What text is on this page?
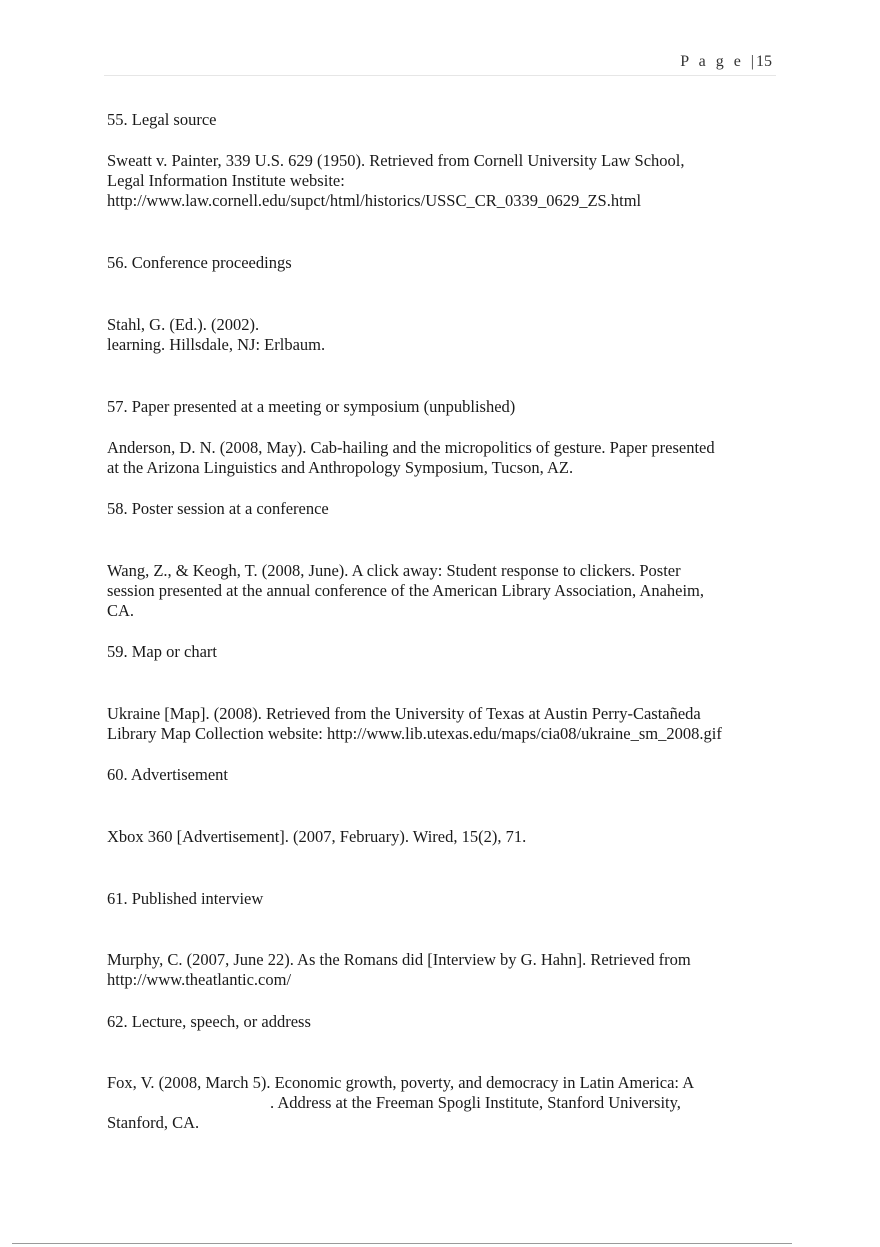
P a g e | 15

55. Legal source

Sweatt v. Painter, 339 U.S. 629 (1950). Retrieved from Cornell University Law School,

Legal Information Institute website:

http://www.law.cornell.edu/supct/html/historics/USSC_CR_0339_0629_ZS.html

56. Conference proceedings

Stahl, G. (Ed.). (2002).

learning. Hillsdale, NJ: Erlbaum.

57. Paper presented at a meeting or symposium (unpublished)

Anderson, D. N. (2008, May). Cab-hailing and the micropolitics of gesture. Paper presented

at the Arizona Linguistics and Anthropology Symposium, Tucson, AZ.

58. Poster session at a conference

Wang, Z., & Keogh, T. (2008, June). A click away: Student response to clickers. Poster

session presented at the annual conference of the American Library Association, Anaheim,

CA.

59. Map or chart

Ukraine [Map]. (2008). Retrieved from the University of Texas at Austin Perry-Castañeda

Library Map Collection website: http://www.lib.utexas.edu/maps/cia08/ukraine_sm_2008.gif

60. Advertisement

Xbox 360 [Advertisement]. (2007, February). Wired, 15(2), 71.

61. Published interview

Murphy, C. (2007, June 22). As the Romans did [Interview by G. Hahn]. Retrieved from

http://www.theatlantic.com/

62. Lecture, speech, or address

Fox, V. (2008, March 5). Economic growth, poverty, and democracy in Latin America: A

. Address at the Freeman Spogli Institute, Stanford University,

Stanford, CA.
